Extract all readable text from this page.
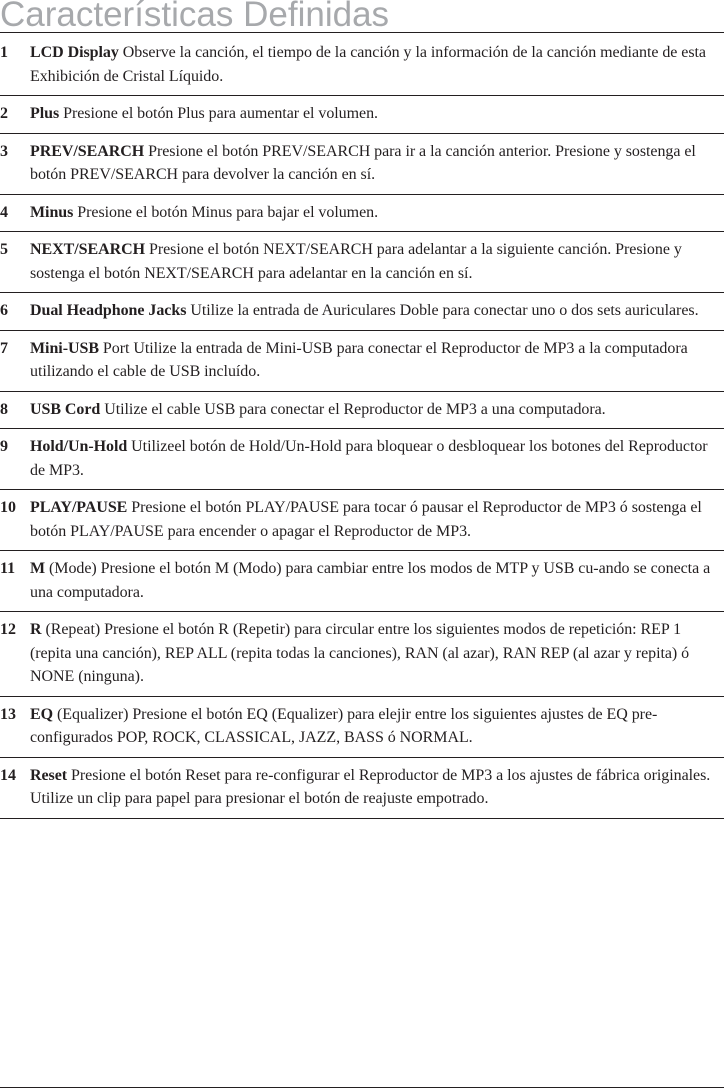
Características Definidas
1	LCD Display Observe la canción, el tiempo de la canción y la información de la canción mediante de esta Exhibición de Cristal Líquido.
2	Plus Presione el botón Plus para aumentar el volumen.
3	PREV/SEARCH Presione el botón PREV/SEARCH para ir a la canción anterior. Presione y sostenga el botón PREV/SEARCH para devolver la canción en sí.
4	Minus Presione el botón Minus para bajar el volumen.
5	NEXT/SEARCH Presione el botón NEXT/SEARCH para adelantar a la siguiente canción. Presione y sostenga el botón NEXT/SEARCH para adelantar en la canción en sí.
6	Dual Headphone Jacks Utilize la entrada de Auriculares Doble para conectar uno o dos sets auriculares.
7	Mini-USB Port Utilize la entrada de Mini-USB para conectar el Reproductor de MP3 a la computadora utilizando el cable de USB incluído.
8	USB Cord Utilize el cable USB para conectar el Reproductor de MP3 a una computadora.
9	Hold/Un-Hold Utilizeel botón de Hold/Un-Hold para bloquear o desbloquear los botones del Reproductor de MP3.
10 PLAY/PAUSE Presione el botón PLAY/PAUSE para tocar ó pausar el Reproductor de MP3 ó sostenga el botón PLAY/PAUSE para encender o apagar el Reproductor de MP3.
11 M (Mode) Presione el botón M (Modo) para cambiar entre los modos de MTP y USB cu-ando se conecta a una computadora.
12 R (Repeat) Presione el botón R (Repetir) para circular entre los siguientes modos de repetición: REP 1 (repita una canción), REP ALL (repita todas la canciones), RAN (al azar), RAN REP (al azar y repita) ó NONE (ninguna).
13 EQ (Equalizer) Presione el botón EQ (Equalizer) para elejir entre los siguientes ajustes de EQ pre-configurados POP, ROCK, CLASSICAL, JAZZ, BASS ó NORMAL.
14 Reset Presione el botón Reset para re-configurar el Reproductor de MP3 a los ajustes de fábrica originales. Utilize un clip para papel para presionar el botón de reajuste empotrado.
